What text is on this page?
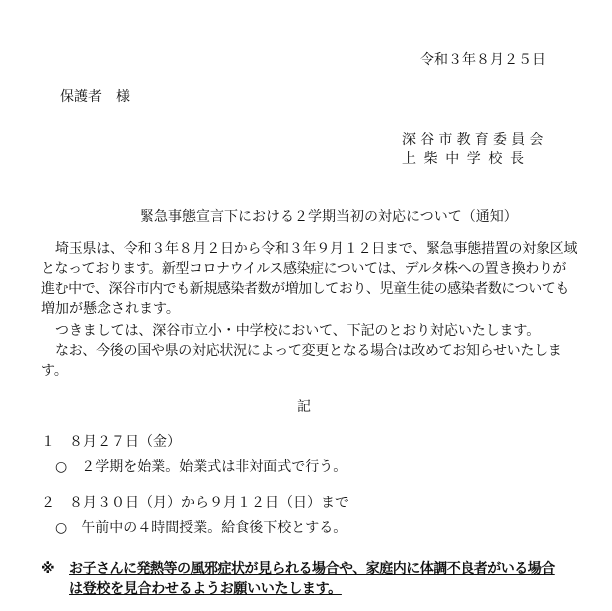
令和３年８月２５日
保護者　様
深谷市教育委員会
上柴中学校長
緊急事態宣言下における２学期当初の対応について（通知）
埼玉県は、令和３年８月２日から令和３年９月１２日まで、緊急事態措置の対象区域
となっております。新型コロナウイルス感染症については、デルタ株への置き換わりが
進む中で、深谷市内でも新規感染者数が増加しており、児童生徒の感染者数についても
増加が懸念されます。
つきましては、深谷市立小・中学校において、下記のとおり対応いたします。
なお、今後の国や県の対応状況によって変更となる場合は改めてお知らせいたしま
す。
記
１　８月２７日（金）
○　２学期を始業。始業式は非対面式で行う。
２　８月３０日（月）から９月１２日（日）まで
○　午前中の４時間授業。給食後下校とする。
※ お子さんに発熱等の風邪症状が見られる場合や、家庭内に体調不良者がいる場合
は登校を見合わせるようお願いいたします。
